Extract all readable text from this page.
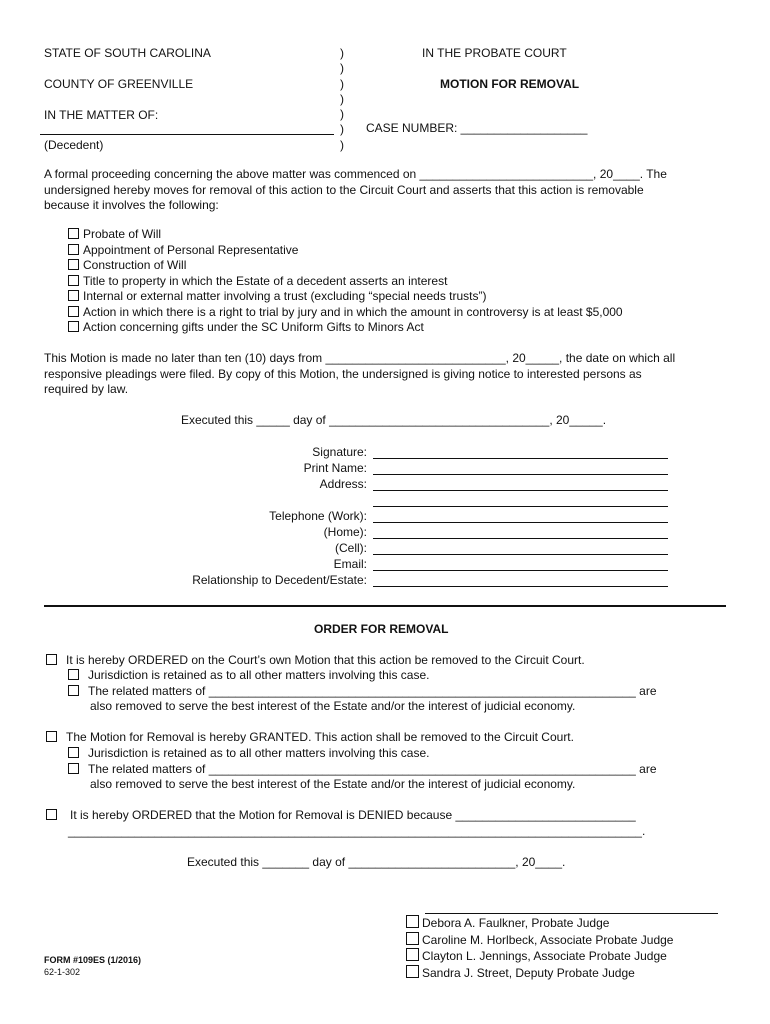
STATE OF SOUTH CAROLINA
COUNTY OF GREENVILLE
IN THE MATTER OF:
(Decedent)
)
)
)
)
)
)
)
IN THE PROBATE COURT
MOTION FOR REMOVAL
CASE NUMBER: ___________________
A formal proceeding concerning the above matter was commenced on __________________________, 20____. The
undersigned hereby moves for removal of this action to the Circuit Court and asserts that this action is removable
because it involves the following:
Probate of Will
Appointment of Personal Representative
Construction of Will
Title to property in which the Estate of a decedent asserts an interest
Internal or external matter involving a trust (excluding “special needs trusts”)
Action in which there is a right to trial by jury and in which the amount in controversy is at least $5,000
Action concerning gifts under the SC Uniform Gifts to Minors Act
This Motion is made no later than ten (10) days from ___________________________, 20_____, the date on which all
responsive pleadings were filed. By copy of this Motion, the undersigned is giving notice to interested persons as
required by law.
Executed this _____ day of _________________________________, 20_____.
Signature:
Print Name:
Address:
Telephone (Work):
(Home):
(Cell):
Email:
Relationship to Decedent/Estate:
ORDER FOR REMOVAL
It is hereby ORDERED on the Court’s own Motion that this action be removed to the Circuit Court.
Jurisdiction is retained as to all other matters involving this case.
The related matters of ________________________________________________________________ are
also removed to serve the best interest of the Estate and/or the interest of judicial economy.
The Motion for Removal is hereby GRANTED. This action shall be removed to the Circuit Court.
Jurisdiction is retained as to all other matters involving this case.
The related matters of ________________________________________________________________ are
also removed to serve the best interest of the Estate and/or the interest of judicial economy.
It is hereby ORDERED that the Motion for Removal is DENIED because ___________________________
______________________________________________________________________________________.
Executed this _______ day of _________________________, 20____.
Debora A. Faulkner, Probate Judge
Caroline M. Horlbeck, Associate Probate Judge
Clayton L. Jennings, Associate Probate Judge
Sandra J. Street, Deputy Probate Judge
FORM #109ES (1/2016)
62-1-302
